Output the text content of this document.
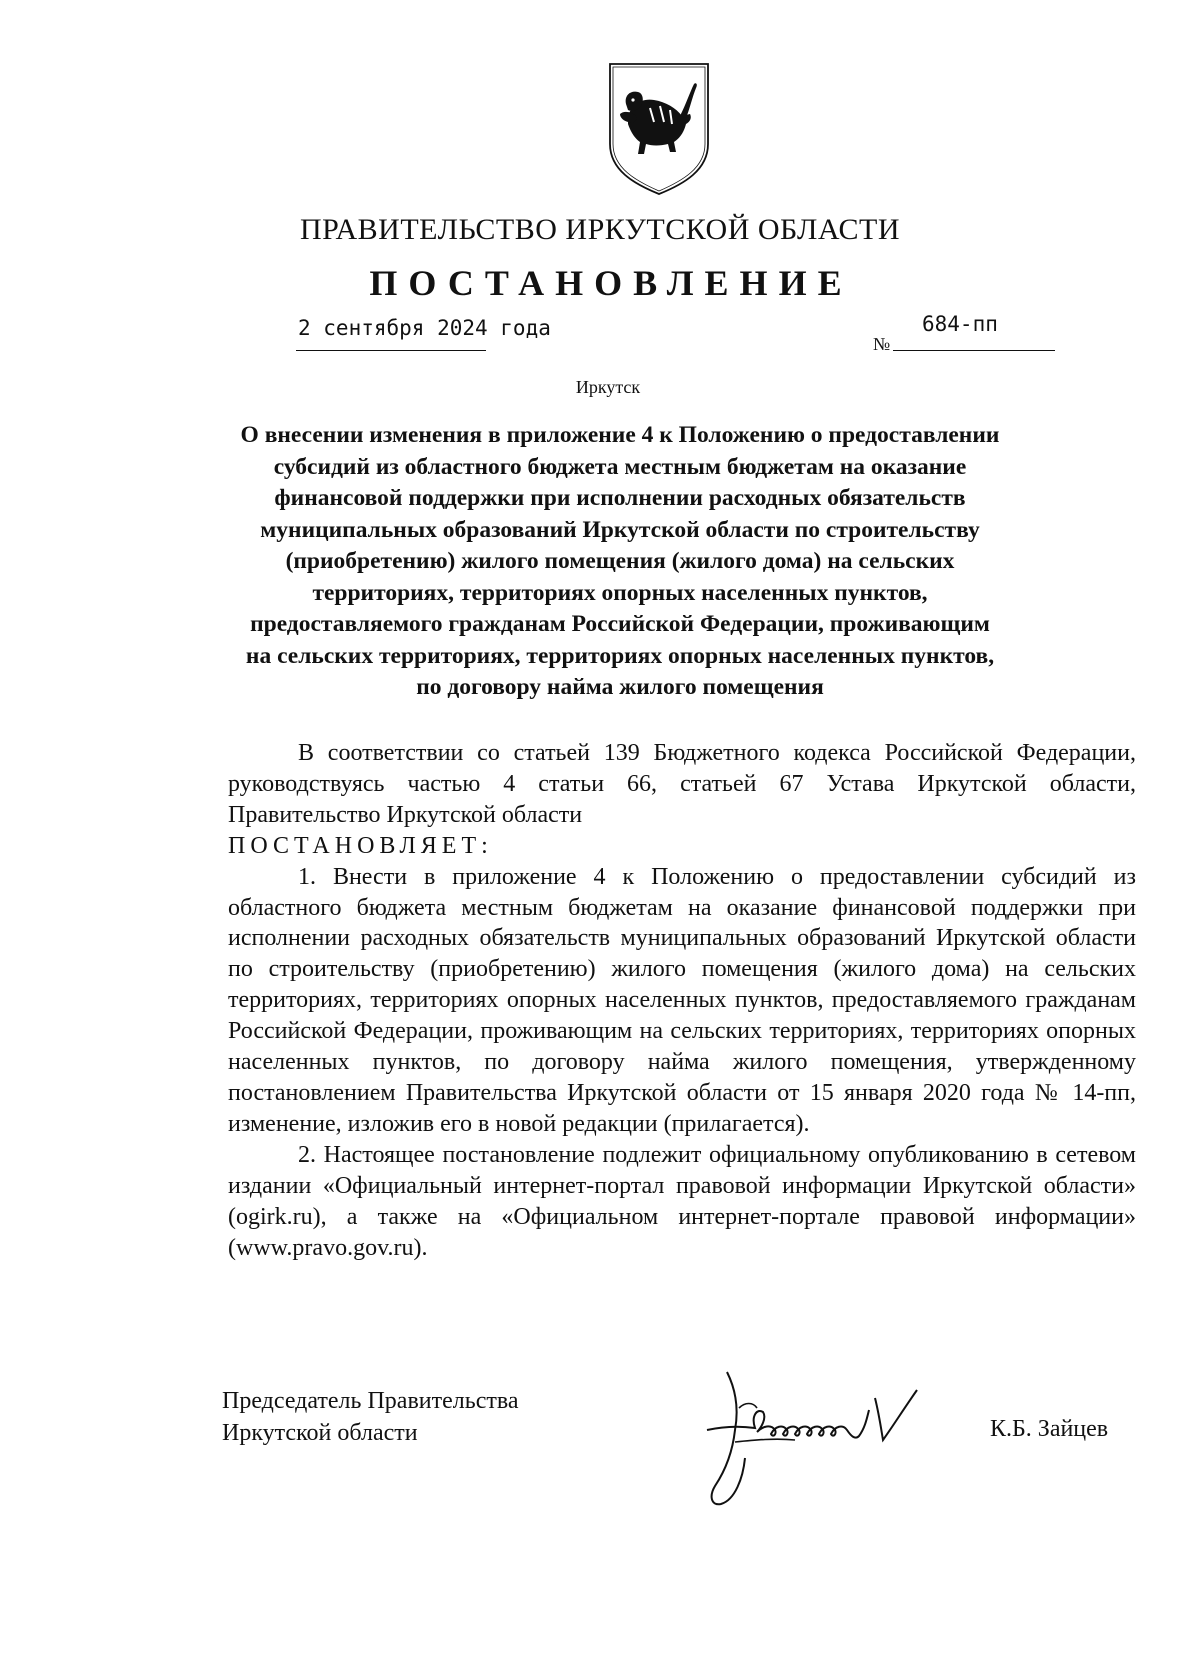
ПРАВИТЕЛЬСТВО ИРКУТСКОЙ ОБЛАСТИ
ПОСТАНОВЛЕНИЕ
2 сентября 2024 года
№
684-пп
Иркутск
О внесении изменения в приложение 4 к Положению о предоставлении
субсидий из областного бюджета местным бюджетам на оказание
финансовой поддержки при исполнении расходных обязательств
муниципальных образований Иркутской области по строительству
(приобретению) жилого помещения (жилого дома) на сельских
территориях, территориях опорных населенных пунктов,
предоставляемого гражданам Российской Федерации, проживающим
на сельских территориях, территориях опорных населенных пунктов,
по договору найма жилого помещения

В соответствии со статьей 139 Бюджетного кодекса Российской Федерации, руководствуясь частью 4 статьи 66, статьей 67 Устава Иркутской области, Правительство Иркутской области

ПОСТАНОВЛЯЕТ:

1. Внести в приложение 4 к Положению о предоставлении субсидий из областного бюджета местным бюджетам на оказание финансовой поддержки при исполнении расходных обязательств муниципальных образований Иркутской области по строительству (приобретению) жилого помещения (жилого дома) на сельских территориях, территориях опорных населенных пунктов, предоставляемого гражданам Российской Федерации, проживающим на сельских территориях, территориях опорных населенных пунктов, по договору найма жилого помещения, утвержденному постановлением Правительства Иркутской области от 15 января 2020 года № 14-пп, изменение, изложив его в новой редакции (прилагается).

2. Настоящее постановление подлежит официальному опубликованию в сетевом издании «Официальный интернет-портал правовой информации Иркутской области» (ogirk.ru), а также на «Официальном интернет-портале правовой информации» (www.pravo.gov.ru).

Председатель Правительства
Иркутской области	К.Б. Зайцев
